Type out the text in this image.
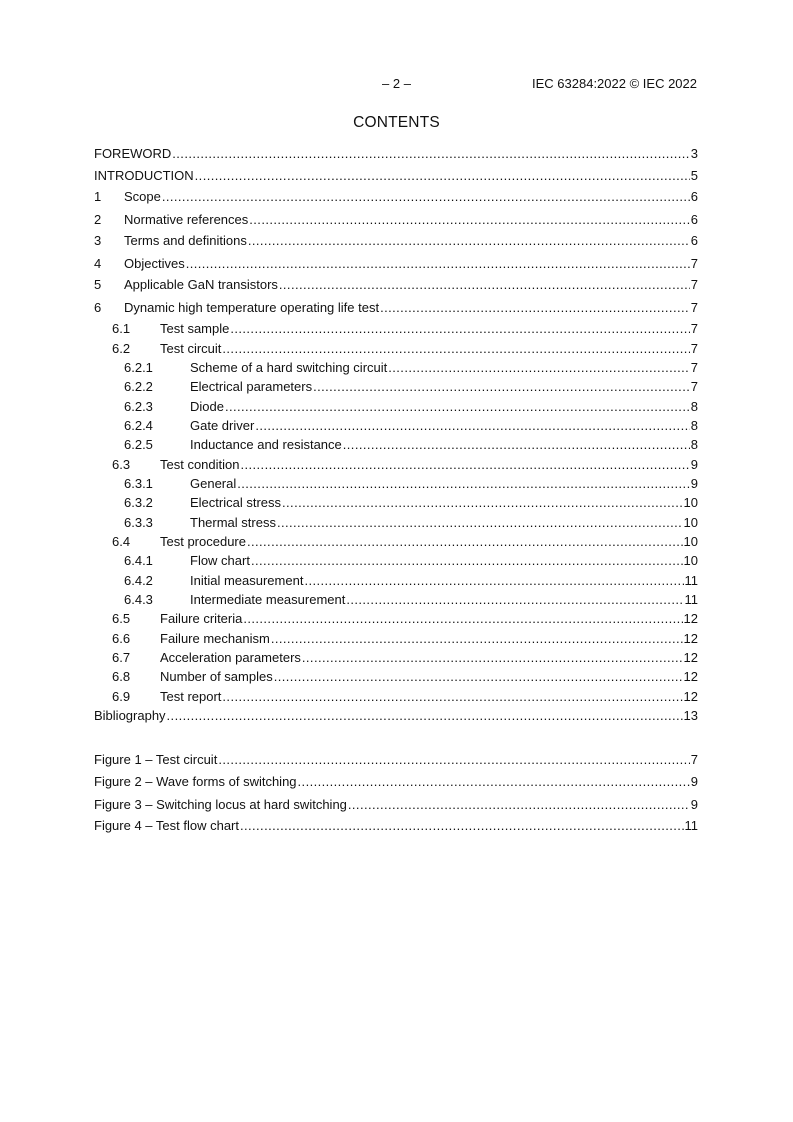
– 2 –	IEC 63284:2022 © IEC 2022
CONTENTS
FOREWORD .....	3
INTRODUCTION .....	5
1 Scope .....	6
2 Normative references .....	6
3 Terms and definitions .....	6
4 Objectives .....	7
5 Applicable GaN transistors .....	7
6 Dynamic high temperature operating life test .....	7
6.1 Test sample .....	7
6.2 Test circuit .....	7
6.2.1	Scheme of a hard switching circuit .....	7
6.2.2	Electrical parameters .....	7
6.2.3	Diode .....	8
6.2.4	Gate driver .....	8
6.2.5	Inductance and resistance .....	8
6.3 Test condition .....	9
6.3.1	General .....	9
6.3.2	Electrical stress .....	10
6.3.3	Thermal stress .....	10
6.4 Test procedure .....	10
6.4.1	Flow chart .....	10
6.4.2	Initial measurement .....	11
6.4.3	Intermediate measurement .....	11
6.5 Failure criteria .....	12
6.6 Failure mechanism .....	12
6.7 Acceleration parameters .....	12
6.8 Number of samples .....	12
6.9 Test report .....	12
Bibliography .....	13
Figure 1 – Test circuit .....	7
Figure 2 – Wave forms of switching .....	9
Figure 3 – Switching locus at hard switching .....	9
Figure 4 – Test flow chart .....	11
